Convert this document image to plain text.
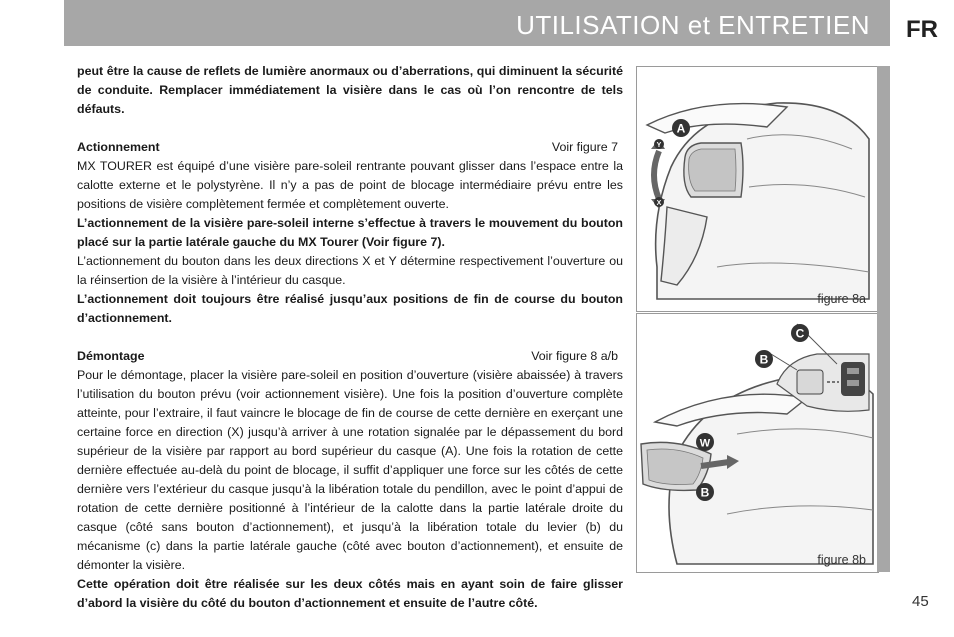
UTILISATION et ENTRETIEN FR

peut être la cause de reflets de lumière anormaux ou d’aberrations, qui diminuent la sécurité de conduite. Remplacer immédiatement la visière dans le cas où l’on rencontre de tels défauts.

Actionnement	Voir figure 7

MX TOURER est équipé d’une visière pare-soleil rentrante pouvant glisser dans l’espace entre la calotte externe et le polystyrène. Il n’y a pas de point de blocage intermédiaire prévu entre les positions de visière complètement fermée et complètement ouverte.

L’actionnement de la visière pare-soleil interne s’effectue à travers le mouvement du bouton placé sur la partie latérale gauche du MX Tourer (Voir figure 7).

L’actionnement du bouton dans les deux directions X et Y détermine respectivement l’ouverture ou la réinsertion de la visière à l’intérieur du casque.

L’actionnement doit toujours être réalisé jusqu’aux positions de fin de course du bouton d’actionnement.

Démontage	Voir figure 8 a/b

Pour le démontage, placer la visière pare-soleil en position d’ouverture (visière abaissée) à travers l’utilisation du bouton prévu (voir actionnement visière). Une fois la position d’ouverture complète atteinte, pour l’extraire, il faut vaincre le blocage de fin de course de cette dernière en exerçant une certaine force en direction (X) jusqu’à arriver à une rotation signalée par le dépassement du bord supérieur de la visière par rapport au bord supérieur du casque (A). Une fois la rotation de cette dernière effectuée au-delà du point de blocage, il suffit d’appliquer une force sur les côtés de cette dernière vers l’extérieur du casque jusqu’à la libération totale du pendillon, avec le point d’appui de rotation de cette dernière positionné à l’intérieur de la calotte dans la partie latérale droite du casque (côté sans bouton d’actionnement), et jusqu’à la libération totale du levier (b) du mécanisme (c) dans la partie latérale gauche (côté avec bouton d’actionnement), et ensuite de démonter la visière.

Cette opération doit être réalisée sur les deux côtés mais en ayant soin de faire glisser d’abord la visière du côté du bouton d’actionnement et ensuite de l’autre côté.

A
Y
X
figure 8a
C
B
W
B
figure 8b
45
